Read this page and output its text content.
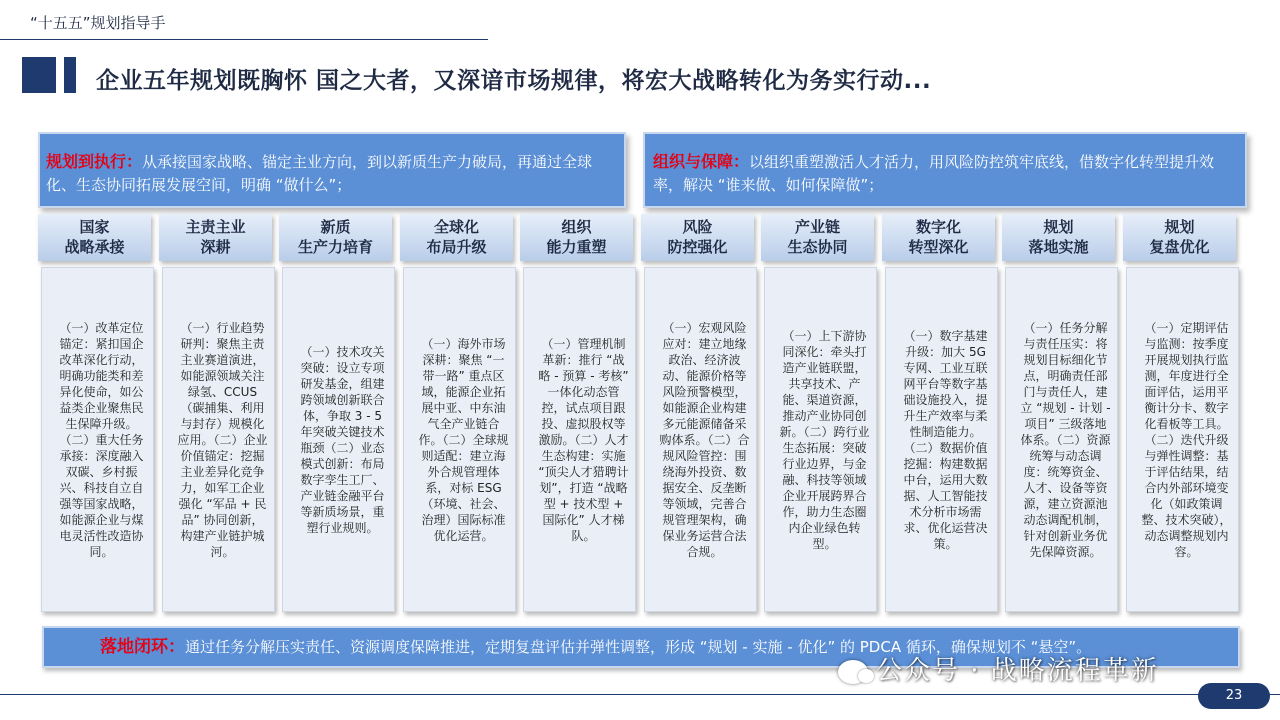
“十五五”规划指导手
企业五年规划既胸怀 国之大者，又深谙市场规律，将宏大战略转化为务实行动...
规划到执行：从承接国家战略、锚定主业方向，到以新质生产力破局，再通过全球化、生态协同拓展发展空间，明确 “做什么”；
组织与保障：以组织重塑激活人才活力，用风险防控筑牢底线，借数字化转型提升效率，解决 “谁来做、如何保障做”；
国家
战略承接
主责主业
深耕
新质
生产力培育
全球化
布局升级
组织
能力重塑
风险
防控强化
产业链
生态协同
数字化
转型深化
规划
落地实施
规划
复盘优化

（一）改革定位锚定：紧扣国企改革深化行动，明确功能类和差异化使命，如公益类企业聚焦民生保障升级。（二）重大任务承接：深度融入双碳、乡村振兴、科技自立自强等国家战略，如能源企业与煤电灵活性改造协同。

（一）行业趋势研判：聚焦主责主业赛道演进，如能源领域关注绿氢、CCUS（碳捕集、利用与封存）规模化应用。（二）企业价值锚定：挖掘主业差异化竞争力，如军工企业强化 “军品 + 民品” 协同创新，构建产业链护城河。

（一）技术攻关突破：设立专项研发基金，组建跨领域创新联合体，争取 3 - 5 年突破关键技术瓶颈（二）业态模式创新：布局数字孪生工厂、产业链金融平台等新质场景，重塑行业规则。

（一）海外市场深耕：聚焦 “一带一路” 重点区域，能源企业拓展中亚、中东油气全产业链合作。（二）全球规则适配：建立海外合规管理体系，对标 ESG（环境、社会、治理）国际标准优化运营。

（一）管理机制革新：推行 “战略 - 预算 - 考核” 一体化动态管控，试点项目跟投、虚拟股权等激励。（二）人才生态构建：实施 “顶尖人才猎聘计划”，打造 “战略型 + 技术型 + 国际化” 人才梯队。

（一）宏观风险应对：建立地缘政治、经济波动、能源价格等风险预警模型，如能源企业构建多元能源储备采购体系。（二）合规风险管控：围绕海外投资、数据安全、反垄断等领域，完善合规管理架构，确保业务运营合法合规。

（一）上下游协同深化：牵头打造产业链联盟，共享技术、产能、渠道资源，推动产业协同创新。（二）跨行业生态拓展：突破行业边界，与金融、科技等领域企业开展跨界合作，助力生态圈内企业绿色转型。

（一）数字基建升级：加大 5G 专网、工业互联网平台等数字基础设施投入，提升生产效率与柔性制造能力。（二）数据价值挖掘：构建数据中台，运用大数据、人工智能技术分析市场需求、优化运营决策。

（一）任务分解与责任压实：将规划目标细化节点，明确责任部门与责任人，建立 “规划 - 计划 - 项目” 三级落地体系。（二）资源统筹与动态调度：统筹资金、人才、设备等资源，建立资源池动态调配机制，针对创新业务优先保障资源。

（一）定期评估与监测：按季度开展规划执行监测，年度进行全面评估，运用平衡计分卡、数字化看板等工具。（二）迭代升级与弹性调整：基于评估结果，结合内外部环境变化（如政策调整、技术突破），动态调整规划内容。

落地闭环：通过任务分解压实责任、资源调度保障推进，定期复盘评估并弹性调整，形成 “规划 - 实施 - 优化” 的 PDCA 循环，确保规划不 “悬空”。
公众号 · 战略流程革新
23
